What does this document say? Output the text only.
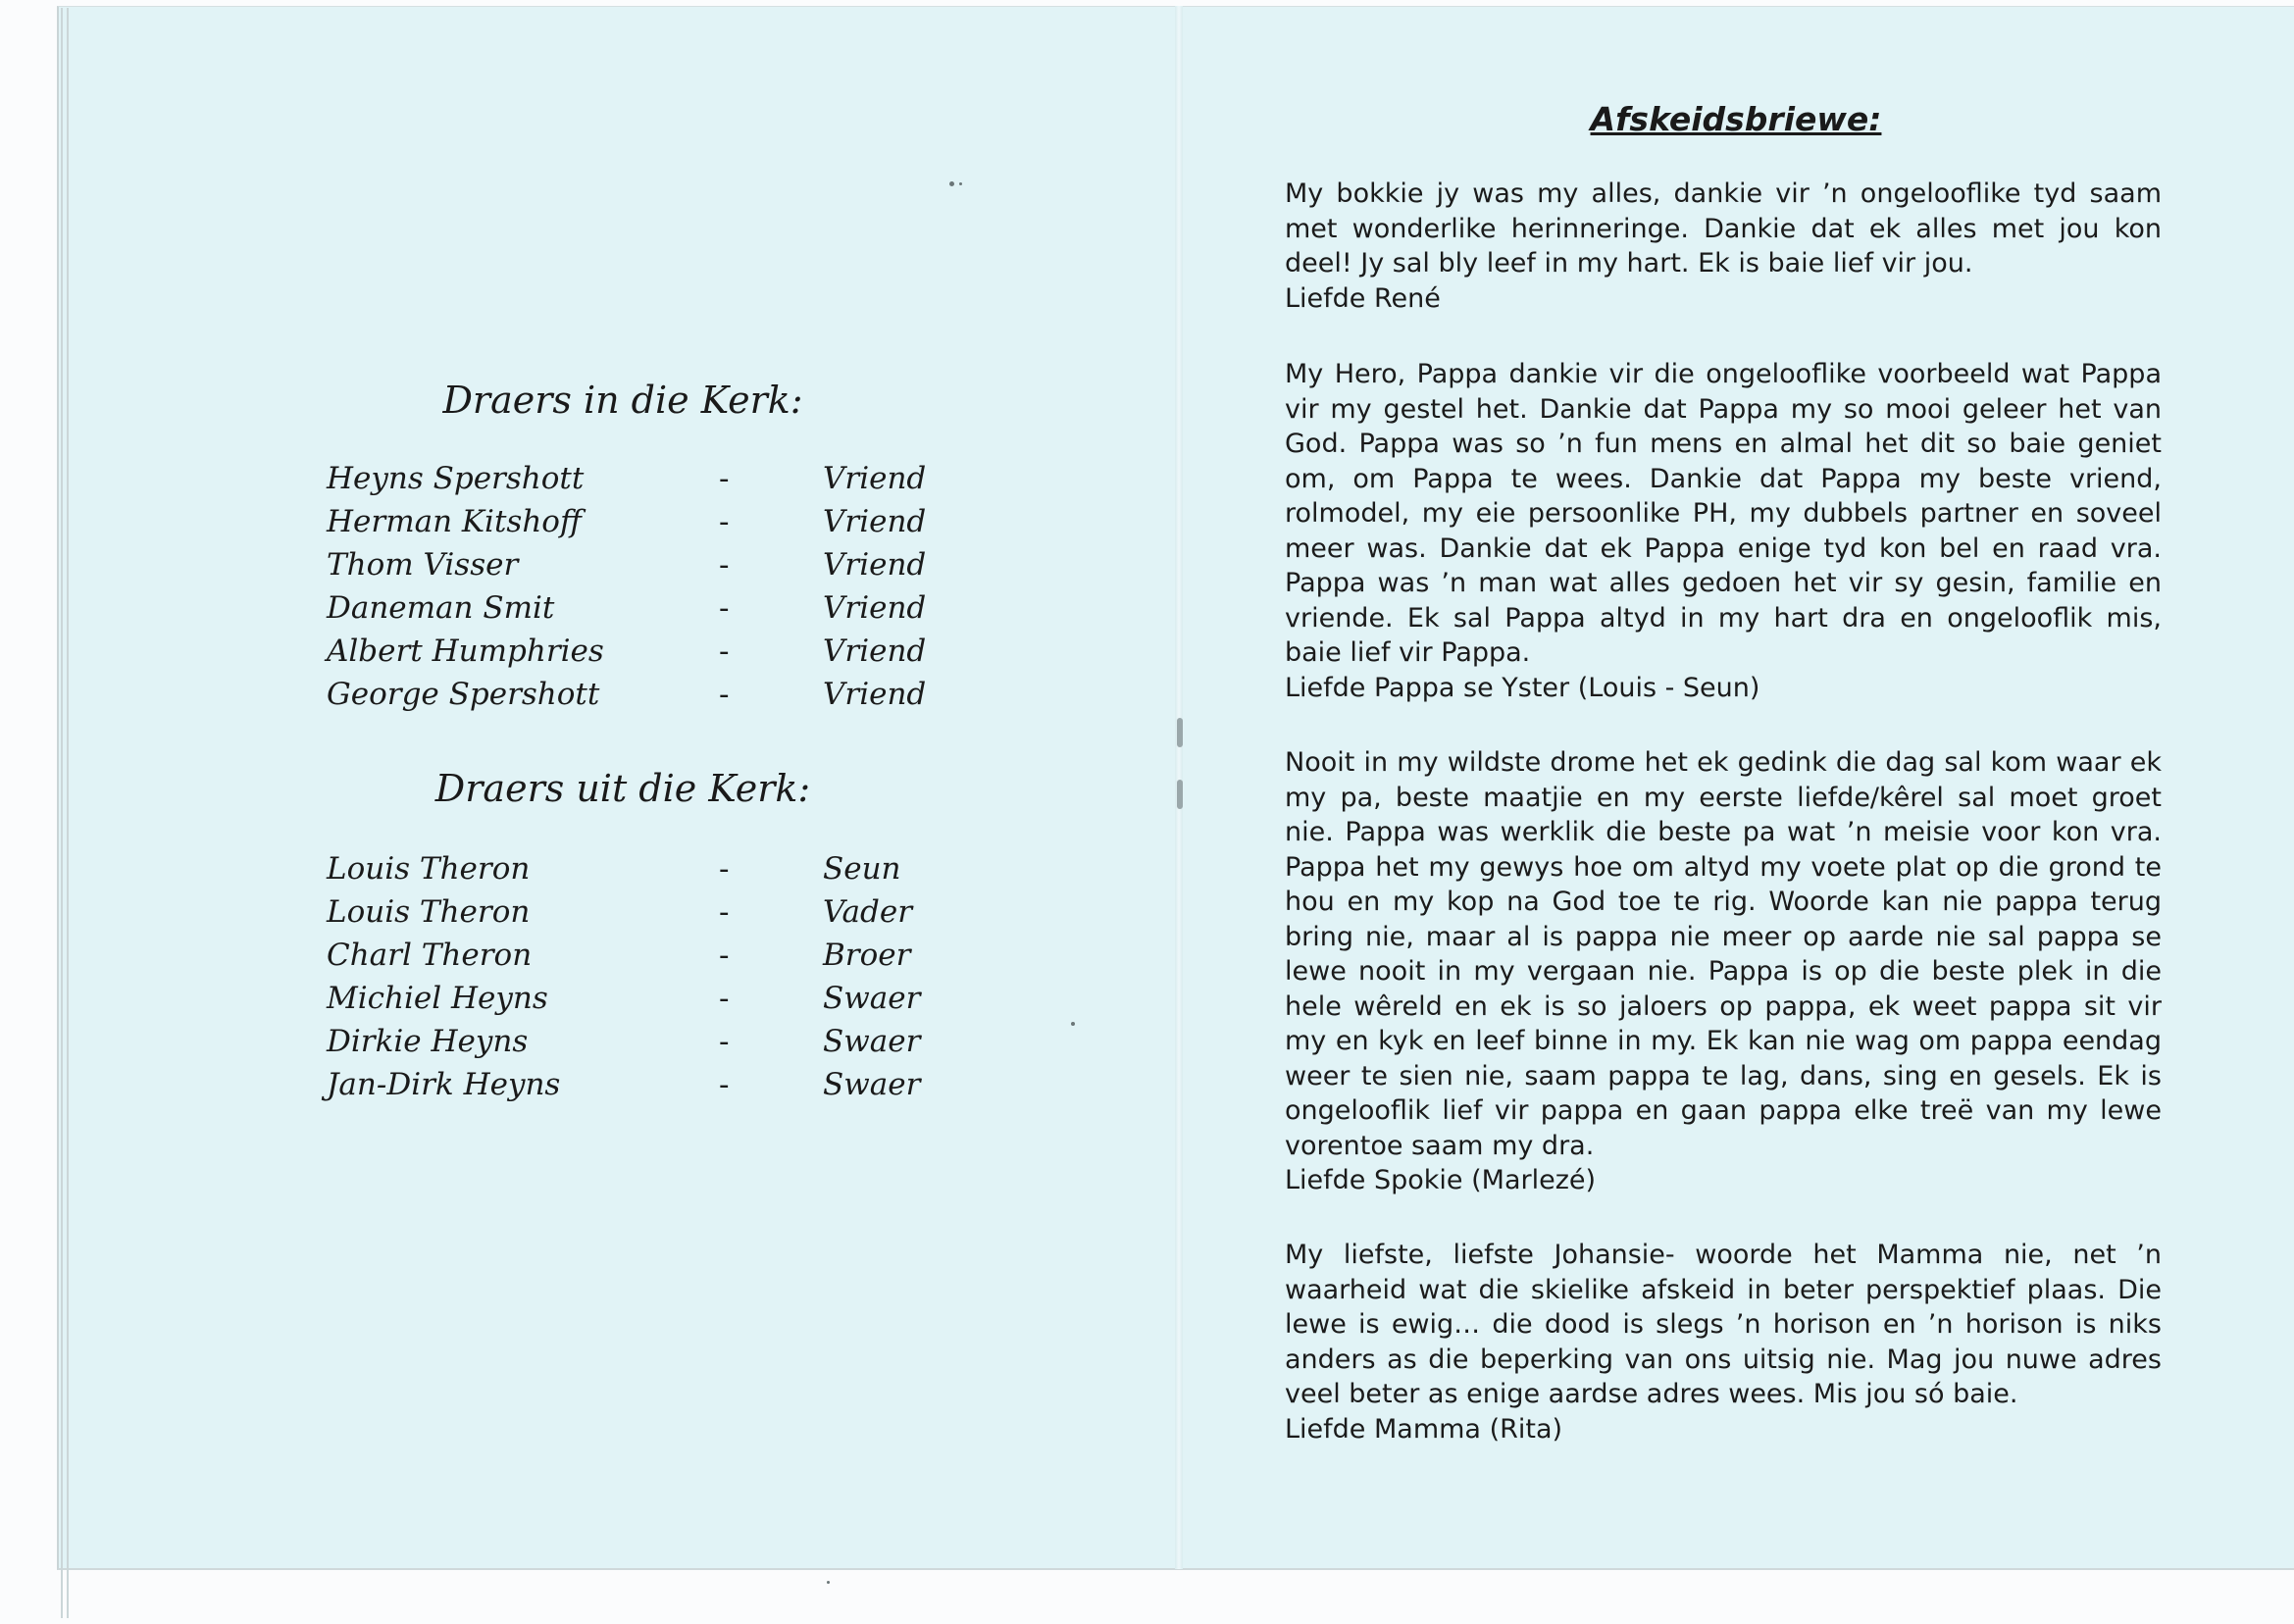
Draers in die Kerk:
Heyns Spershott	-	Vriend
Herman Kitshoff	-	Vriend
Thom Visser	-	Vriend
Daneman Smit	-	Vriend
Albert Humphries	-	Vriend
George Spershott	-	Vriend
Draers uit die Kerk:
Louis Theron	-	Seun
Louis Theron	-	Vader
Charl Theron	-	Broer
Michiel Heyns	-	Swaer
Dirkie Heyns	-	Swaer
Jan-Dirk Heyns	-	Swaer
Afskeidsbriewe:

My bokkie jy was my alles, dankie vir ’n ongelooflike tyd saam met wonderlike herinneringe. Dankie dat ek alles met jou kon deel! Jy sal bly leef in my hart. Ek is baie lief vir jou.

Liefde René

My Hero, Pappa dankie vir die ongelooflike voorbeeld wat Pappa vir my gestel het. Dankie dat Pappa my so mooi geleer het van God. Pappa was so ’n fun mens en almal het dit so baie geniet om, om Pappa te wees. Dankie dat Pappa my beste vriend, rolmodel, my eie persoonlike PH, my dubbels partner en soveel meer was. Dankie dat ek Pappa enige tyd kon bel en raad vra. Pappa was ’n man wat alles gedoen het vir sy gesin, familie en vriende. Ek sal Pappa altyd in my hart dra en ongelooflik mis, baie lief vir Pappa.

Liefde Pappa se Yster (Louis - Seun)

Nooit in my wildste drome het ek gedink die dag sal kom waar ek my pa, beste maatjie en my eerste liefde/kêrel sal moet groet nie. Pappa was werklik die beste pa wat ’n meisie voor kon vra. Pappa het my gewys hoe om altyd my voete plat op die grond te hou en my kop na God toe te rig. Woorde kan nie pappa terug bring nie, maar al is pappa nie meer op aarde nie sal pappa se lewe nooit in my vergaan nie. Pappa is op die beste plek in die hele wêreld en ek is so jaloers op pappa, ek weet pappa sit vir my en kyk en leef binne in my. Ek kan nie wag om pappa eendag weer te sien nie, saam pappa te lag, dans, sing en gesels. Ek is ongelooflik lief vir pappa en gaan pappa elke treë van my lewe vorentoe saam my dra.

Liefde Spokie (Marlezé)

My liefste, liefste Johansie- woorde het Mamma nie, net ’n waarheid wat die skielike afskeid in beter perspektief plaas. Die lewe is ewig… die dood is slegs ’n horison en ’n horison is niks anders as die beperking van ons uitsig nie. Mag jou nuwe adres veel beter as enige aardse adres wees. Mis jou só baie.

Liefde Mamma (Rita)
